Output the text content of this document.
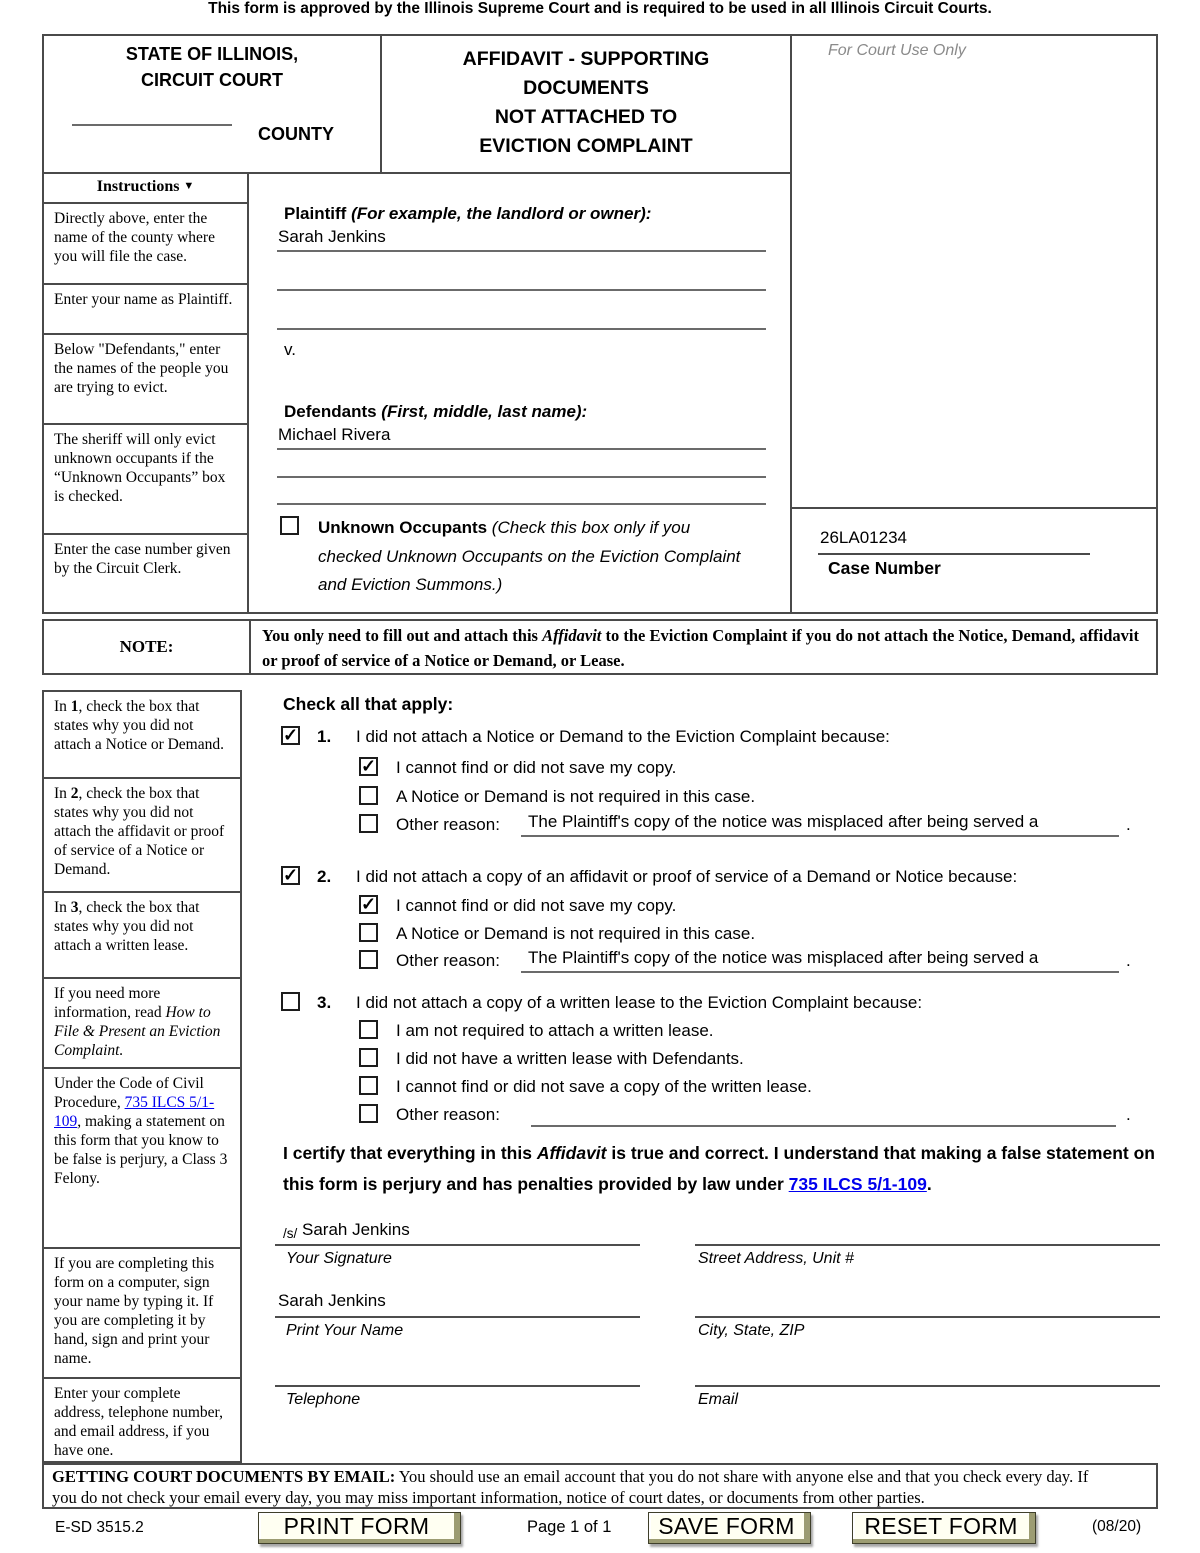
This form is approved by the Illinois Supreme Court and is required to be used in all Illinois Circuit Courts.
STATE OF ILLINOIS,
CIRCUIT COURT
COUNTY
AFFIDAVIT - SUPPORTING
DOCUMENTS
NOT ATTACHED TO
EVICTION COMPLAINT
For Court Use Only
Instructions ▼
Directly above, enter the name of the county where you will file the case.
Enter your name as Plaintiff.
Below "Defendants," enter the names of the people you are trying to evict.
The sheriff will only evict unknown occupants if the “Unknown Occupants” box is checked.
Enter the case number given by the Circuit Clerk.
Plaintiff (For example, the landlord or owner):
Sarah Jenkins
v.
Defendants (First, middle, last name):
Michael Rivera
Unknown Occupants (Check this box only if you
checked Unknown Occupants on the Eviction Complaint
and Eviction Summons.)
26LA01234
Case Number
NOTE:
You only need to fill out and attach this Affidavit to the Eviction Complaint if you do not attach the Notice, Demand, affidavit or proof of service of a Notice or Demand, or Lease.
In 1, check the box that states why you did not attach a Notice or Demand.
In 2, check the box that states why you did not attach the affidavit or proof of service of a Notice or Demand.
In 3, check the box that states why you did not attach a written lease.
If you need more information, read How to File & Present an Eviction Complaint.
Under the Code of Civil Procedure, 735 ILCS 5/1-109, making a statement on this form that you know to be false is perjury, a Class 3 Felony.
If you are completing this form on a computer, sign your name by typing it. If you are completing it by hand, sign and print your name.
Enter your complete address, telephone number, and email address, if you have one.
Check all that apply:
✓ 1. I did not attach a Notice or Demand to the Eviction Complaint because:
✓ I cannot find or did not save my copy.
A Notice or Demand is not required in this case.
Other reason: The Plaintiff's copy of the notice was misplaced after being served a	.
✓ 2. I did not attach a copy of an affidavit or proof of service of a Demand or Notice because:
✓ I cannot find or did not save my copy.
A Notice or Demand is not required in this case.
Other reason: The Plaintiff's copy of the notice was misplaced after being served a	.
3. I did not attach a copy of a written lease to the Eviction Complaint because:
I am not required to attach a written lease.
I did not have a written lease with Defendants.
I cannot find or did not save a copy of the written lease.
Other reason:	.
I certify that everything in this Affidavit is true and correct. I understand that making a false statement on this form is perjury and has penalties provided by law under 735 ILCS 5/1-109.
/s/ Sarah Jenkins
Your Signature	Street Address, Unit #
Sarah Jenkins
Print Your Name	City, State, ZIP
Telephone	Email
GETTING COURT DOCUMENTS BY EMAIL: You should use an email account that you do not share with anyone else and that you check every day. If you do not check your email every day, you may miss important information, notice of court dates, or documents from other parties.
E-SD 3515.2	PRINT FORM	Page 1 of 1	SAVE FORM	RESET FORM	(08/20)
